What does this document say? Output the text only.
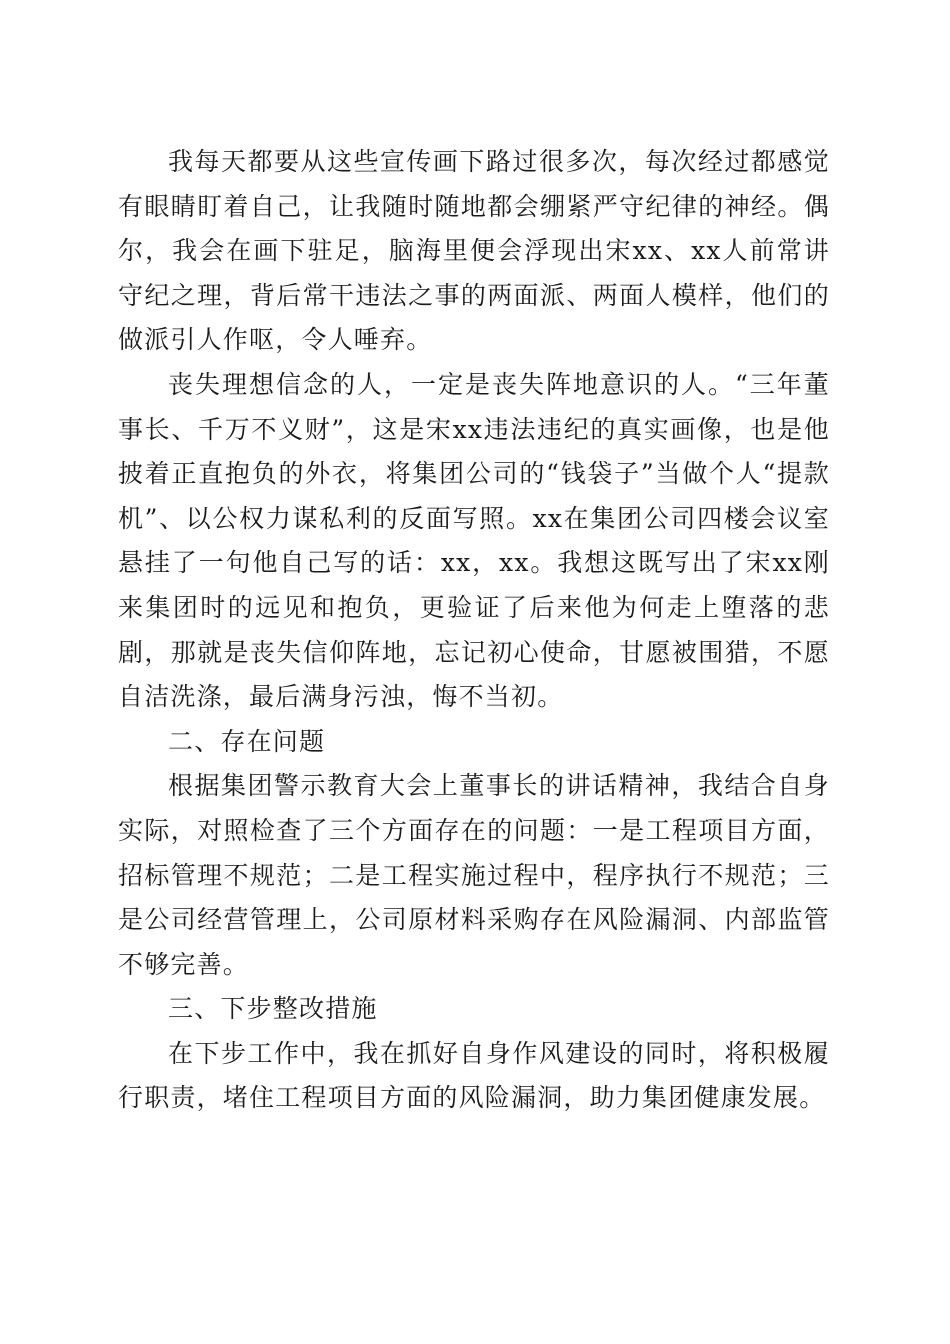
我每天都要从这些宣传画下路过很多次，每次经过都感觉有眼睛盯着自己，让我随时随地都会绷紧严守纪律的神经。偶尔，我会在画下驻足，脑海里便会浮现出宋xx、xx人前常讲守纪之理，背后常干违法之事的两面派、两面人模样，他们的做派引人作呕，令人唾弃。

丧失理想信念的人，一定是丧失阵地意识的人。“三年董事长、千万不义财”，这是宋xx违法违纪的真实画像，也是他披着正直抱负的外衣，将集团公司的“钱袋子”当做个人“提款机”、以公权力谋私利的反面写照。xx在集团公司四楼会议室悬挂了一句他自己写的话：xx，xx。我想这既写出了宋xx刚来集团时的远见和抱负，更验证了后来他为何走上堕落的悲剧，那就是丧失信仰阵地，忘记初心使命，甘愿被围猎，不愿自洁洗涤，最后满身污浊，悔不当初。

二、存在问题

根据集团警示教育大会上董事长的讲话精神，我结合自身实际，对照检查了三个方面存在的问题：一是工程项目方面，招标管理不规范；二是工程实施过程中，程序执行不规范；三是公司经营管理上，公司原材料采购存在风险漏洞、内部监管不够完善。

三、下步整改措施

在下步工作中，我在抓好自身作风建设的同时，将积极履行职责，堵住工程项目方面的风险漏洞，助力集团健康发展。
